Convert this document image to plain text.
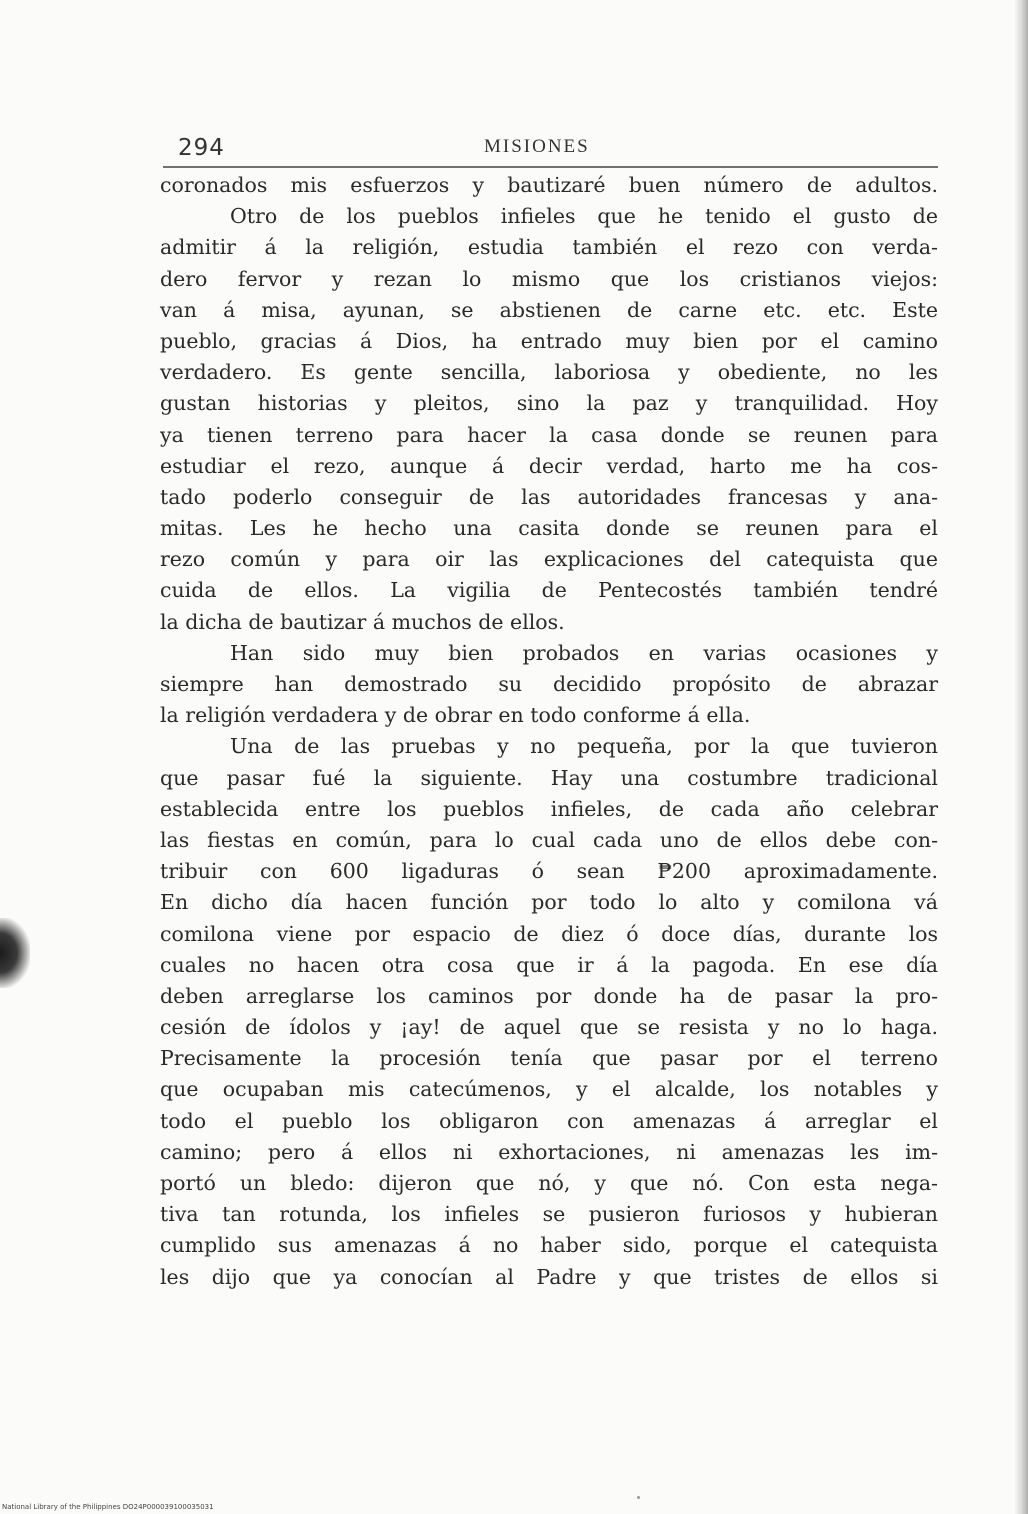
294	MISIONES
coronados mis esfuerzos y bautizaré buen número de adultos.
Otro de los pueblos infieles que he tenido el gusto de
admitir á la religión, estudia también el rezo con verda-
dero fervor y rezan lo mismo que los cristianos viejos:
van á misa, ayunan, se abstienen de carne etc. etc. Este
pueblo, gracias á Dios, ha entrado muy bien por el camino
verdadero. Es gente sencilla, laboriosa y obediente, no les
gustan historias y pleitos, sino la paz y tranquilidad. Hoy
ya tienen terreno para hacer la casa donde se reunen para
estudiar el rezo, aunque á decir verdad, harto me ha cos-
tado poderlo conseguir de las autoridades francesas y ana-
mitas. Les he hecho una casita donde se reunen para el
rezo común y para oir las explicaciones del catequista que
cuida de ellos. La vigilia de Pentecostés también tendré
la dicha de bautizar á muchos de ellos.
Han sido muy bien probados en varias ocasiones y
siempre han demostrado su decidido propósito de abrazar
la religión verdadera y de obrar en todo conforme á ella.
Una de las pruebas y no pequeña, por la que tuvieron
que pasar fué la siguiente. Hay una costumbre tradicional
establecida entre los pueblos infieles, de cada año celebrar
las fiestas en común, para lo cual cada uno de ellos debe con-
tribuir con 600 ligaduras ó sean ₱200 aproximadamente.
En dicho día hacen función por todo lo alto y comilona vá
comilona viene por espacio de diez ó doce días, durante los
cuales no hacen otra cosa que ir á la pagoda. En ese día
deben arreglarse los caminos por donde ha de pasar la pro-
cesión de ídolos y ¡ay! de aquel que se resista y no lo haga.
Precisamente la procesión tenía que pasar por el terreno
que ocupaban mis catecúmenos, y el alcalde, los notables y
todo el pueblo los obligaron con amenazas á arreglar el
camino; pero á ellos ni exhortaciones, ni amenazas les im-
portó un bledo: dijeron que nó, y que nó. Con esta nega-
tiva tan rotunda, los infieles se pusieron furiosos y hubieran
cumplido sus amenazas á no haber sido, porque el catequista
les dijo que ya conocían al Padre y que tristes de ellos si
National Library of the Philippines DO24P000039100035031
